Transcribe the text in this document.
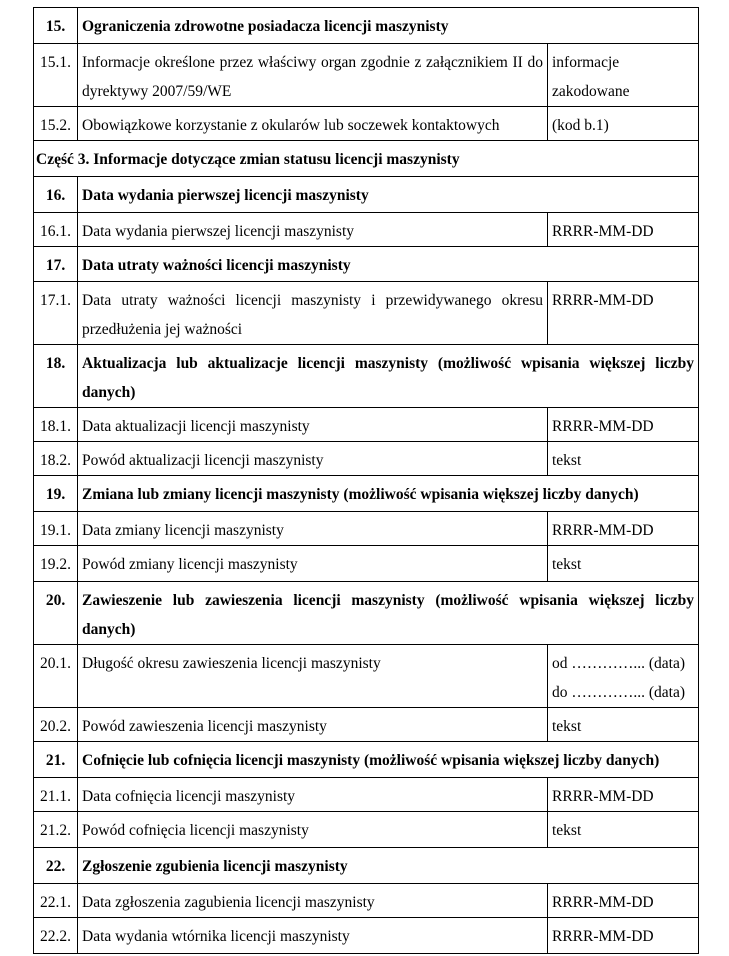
15.	Ograniczenia zdrowotne posiadacza licencji maszynisty	
15.1.	Informacje określone przez właściwy organ zgodnie z załącznikiem II do dyrektywy 2007/59/WE	informacje zakodowane
15.2.	Obowiązkowe korzystanie z okularów lub soczewek kontaktowych	(kod b.1)
Część 3. Informacje dotyczące zmian statusu licencji maszynisty		
16.	Data wydania pierwszej licencji maszynisty	
16.1.	Data wydania pierwszej licencji maszynisty	RRRR-MM-DD
17.	Data utraty ważności licencji maszynisty	
17.1.	Data utraty ważności licencji maszynisty i przewidywanego okresu przedłużenia jej ważności	RRRR-MM-DD
18.	Aktualizacja lub aktualizacje licencji maszynisty (możliwość wpisania większej liczby danych)	
18.1.	Data aktualizacji licencji maszynisty	RRRR-MM-DD
18.2.	Powód aktualizacji licencji maszynisty	tekst
19.	Zmiana lub zmiany licencji maszynisty (możliwość wpisania większej liczby danych)	
19.1.	Data zmiany licencji maszynisty	RRRR-MM-DD
19.2.	Powód zmiany licencji maszynisty	tekst
20.	Zawieszenie lub zawieszenia licencji maszynisty (możliwość wpisania większej liczby danych)	
20.1.	Długość okresu zawieszenia licencji maszynisty	od …………... (data)
do …………... (data)

20.2.	Powód zawieszenia licencji maszynisty	tekst
21.	Cofnięcie lub cofnięcia licencji maszynisty (możliwość wpisania większej liczby danych)	
21.1.	Data cofnięcia licencji maszynisty	RRRR-MM-DD
21.2.	Powód cofnięcia licencji maszynisty	tekst
22.	Zgłoszenie zgubienia licencji maszynisty	
22.1.	Data zgłoszenia zagubienia licencji maszynisty	RRRR-MM-DD
22.2.	Data wydania wtórnika licencji maszynisty	RRRR-MM-DD
